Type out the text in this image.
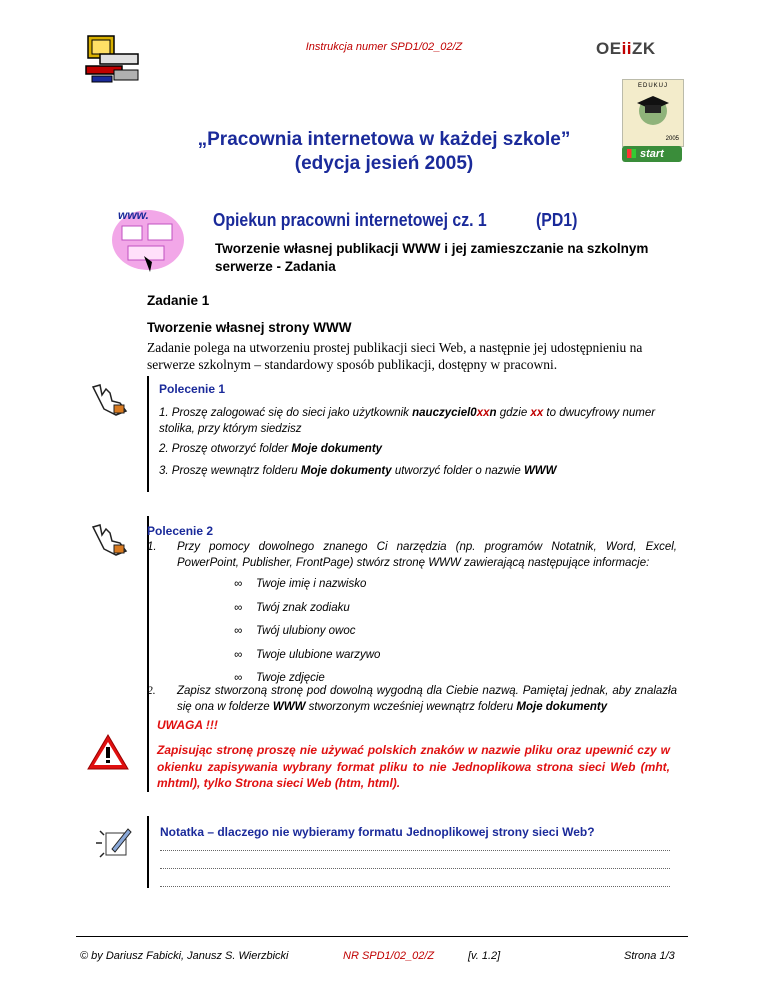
Instrukcja numer SPD1/02_02/Z	OEiiZK
EDUKUJ
2005
start
„Pracownia internetowa w każdej szkole”
(edycja jesień 2005)
www.	Opiekun pracowni internetowej cz. 1	(PD1)
Tworzenie własnej publikacji WWW i jej zamieszczanie na szkolnym serwerze - Zadania
Zadanie 1
Tworzenie własnej strony WWW
Zadanie polega na utworzeniu prostej publikacji sieci Web, a następnie jej udostępnieniu na serwerze szkolnym – standardowy sposób publikacji, dostępny w pracowni.
Polecenie 1
1. Proszę zalogować się do sieci jako użytkownik nauczyciel0xxn gdzie xx to dwucyfrowy numer stolika, przy którym siedzisz
2. Proszę otworzyć folder Moje dokumenty
3. Proszę wewnątrz folderu Moje dokumenty utworzyć folder o nazwie WWW
Polecenie 2
1. Przy pomocy dowolnego znanego Ci narzędzia (np. programów Notatnik, Word, Excel, PowerPoint, Publisher, FrontPage) stwórz stronę WWW zawierającą następujące informacje:
∞ Twoje imię i nazwisko
∞ Twój znak zodiaku
∞ Twój ulubiony owoc
∞ Twoje ulubione warzywo
∞ Twoje zdjęcie
2. Zapisz stworzoną stronę pod dowolną wygodną dla Ciebie nazwą. Pamiętaj jednak, aby znalazła się ona w folderze WWW stworzonym wcześniej wewnątrz folderu Moje dokumenty
UWAGA !!!
Zapisując stronę proszę nie używać polskich znaków w nazwie pliku oraz upewnić czy w okienku zapisywania wybrany format pliku to nie Jednoplikowa strona sieci Web (mht, mhtml), tylko Strona sieci Web (htm, html).
Notatka – dlaczego nie wybieramy formatu Jednoplikowej strony sieci Web?
© by Dariusz Fabicki, Janusz S. Wierzbicki	NR SPD1/02_02/Z	[v. 1.2]	Strona 1/3
